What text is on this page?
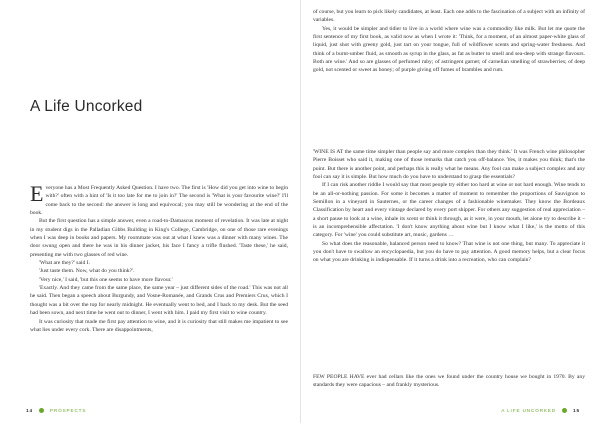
A Life Uncorked

Everyone has a Most Frequently Asked Question. I have two. The first is 'How did you get into wine to begin with?' often with a hint of 'Is it too late for me to join in?' The second is 'What is your favourite wine?' I'll come back to the second: the answer is long and equivocal; you may still be wondering at the end of the book.

But the first question has a simple answer, even a road-to-Damascus moment of revelation. It was late at night in my student digs in the Palladian Gibbs Building in King's College, Cambridge, on one of those rare evenings when I was deep in books and papers. My roommate was out at what I knew was a dinner with many wines. The door swung open and there he was in his dinner jacket, his face I fancy a trifle flushed. 'Taste these,' he said, presenting me with two glasses of red wine.

'What are they?' said I.

'Just taste them. Now, what do you think?'.

'Very nice,' I said, 'but this one seems to have more flavour.'

'Exactly. And they came from the same place, the same year – just different sides of the road.' This was not all he said. Then began a speech about Burgundy, and Vosne-Romanée, and Grands Crus and Premiers Crus, which I thought was a bit over the top for nearly midnight. He eventually went to bed, and I back to my desk. But the seed had been sown, and next time he went out to dinner, I went with him. I paid my first visit to wine country.

It was curiosity that made me first pay attention to wine, and it is curiosity that still makes me impatient to see what lies under every cork. There are disappointments,

14	PROSPECTS

of course, but you learn to pick likely candidates, at least. Each one adds to the fascination of a subject with an infinity of variables.

Yes, it would be simpler and tidier to live in a world where wine was a commodity like milk. But let me quote the first sentence of my first book, as valid now as when I wrote it: 'Think, for a moment, of an almost paper-white glass of liquid, just shot with greeny gold, just tart on your tongue, full of wildflower scents and spring-water freshness. And think of a burnt-umber fluid, as smooth as syrup in the glass, as fat as butter to smell and sea-deep with strange flavours. Both are wine.' And so are glasses of perfumed ruby; of astringent garnet; of carnelian smelling of strawberries; of deep gold, not scented or sweet as honey; of purple giving off fumes of brambles and rum.

'WINE IS AT the same time simpler than people say and more complex than they think.' It was French wine philosopher Pierre Boisset who said it, making one of those remarks that catch you off-balance. Yes, it makes you think; that's the point. But there is another point, and perhaps this is really what he means. Any fool can make a subject complex and any fool can say it is simple. But how much do you have to understand to grasp the essentials?

If I can risk another riddle I would say that most people try either too hard at wine or not hard enough. Wine tends to be an all-or-nothing passion. For some it becomes a matter of moment to remember the proportions of Sauvignon to Semillon in a vineyard in Sauternes, or the career changes of a fashionable winemaker. They know the Bordeaux Classification by heart and every vintage declared by every port shipper. For others any suggestion of real appreciation – a short pause to look at a wine, inhale its scent or think it through, as it were, in your mouth, let alone try to describe it – is an incomprehensible affectation. 'I don't know anything about wine but I know what I like,' is the motto of this category. For 'wine' you could substitute art, music, gardens …

So what does the reasonable, balanced person need to know? That wine is not one thing, but many. To appreciate it you don't have to swallow an encyclopaedia, but you do have to pay attention. A good memory helps, but a clear focus on what you are drinking is indispensable. If it turns a drink into a recreation, who can complain?

FEW PEOPLE HAVE ever had cellars like the ones we found under the country house we bought in 1970. By any standards they were capacious – and frankly mysterious.

A LIFE UNCORKED	15
